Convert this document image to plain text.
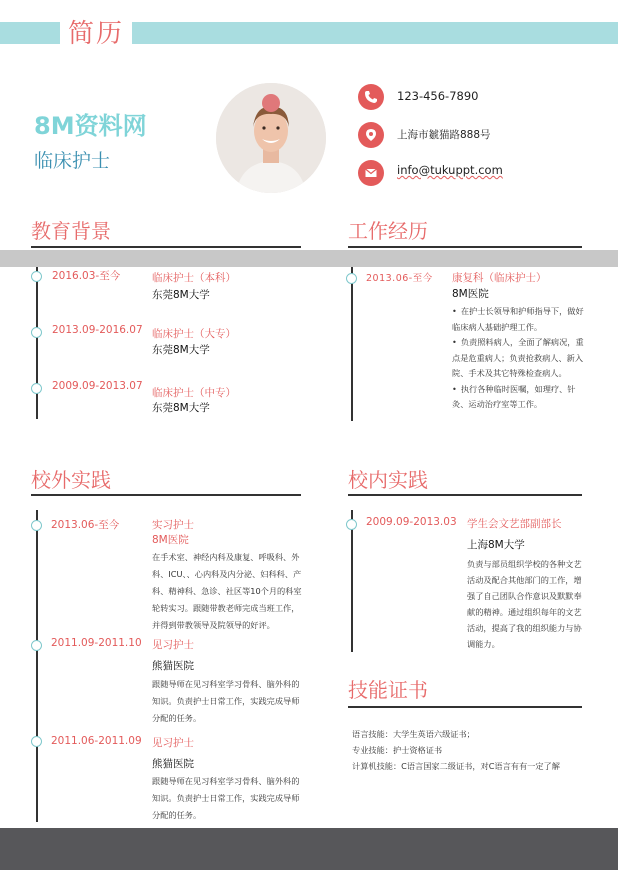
简历
8M资料网
临床护士
123-456-7890
上海市虦猫路888号
info@tukuppt.com
教育背景	工作经历
2016.03-至今	临床护士（本科）
东莞8M大学
2013.09-2016.07 临床护士（大专）
东莞8M大学
2009.09-2013.07
临床护士（中专）
东莞8M大学
2013.06-至今 康复科（临床护士）
8M医院
• 在护士长领导和护师指导下，做好临床病人基础护理工作。
• 负责照料病人，全面了解病况，重点是危重病人；负责抢救病人、新入院、手术及其它特殊检查病人。
• 执行各种临时医嘱，如理疗、针灸、运动治疗室等工作。
校外实践	校内实践
2013.06-至今	实习护士
8M医院
在手术室、神经内科及康复、呼吸科、外科、ICU、、心内科及内分泌、妇科科、产科、精神科、急诊、社区等10个月的科室轮转实习。跟随带教老师完成当班工作，并得到带教领导及院领导的好评。
2011.09-2011.10 见习护士
熊猫医院
跟随导师在见习科室学习骨科、脑外科的知识。负责护士日常工作，实践完成导师分配的任务。
2011.06-2011.09 见习护士
熊猫医院
跟随导师在见习科室学习骨科、脑外科的知识。负责护士日常工作，实践完成导师分配的任务。
2009.09-2013.03 学生会文艺部副部长
上海8M大学
负责与部员组织学校的各种文艺活动及配合其他部门的工作，增强了自己团队合作意识及默默奉献的精神。通过组织每年的文艺活动，提高了我的组织能力与协调能力。
技能证书
语言技能：大学生英语六级证书；
专业技能：护士资格证书
计算机技能：C语言国家二级证书，对C语言有有一定了解
